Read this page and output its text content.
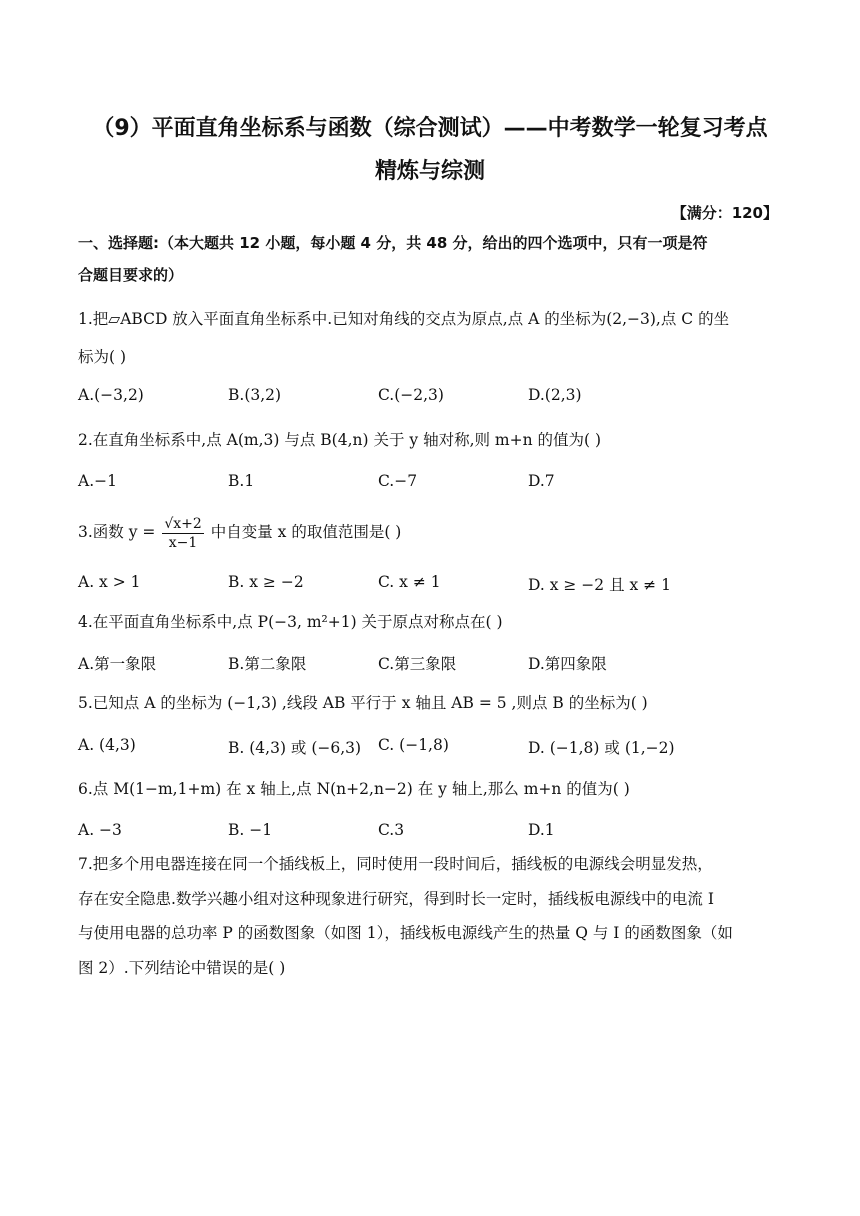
（9）平面直角坐标系与函数（综合测试）——中考数学一轮复习考点
精炼与综测
【满分：120】
一、选择题:（本大题共 12 小题，每小题 4 分，共 48 分，给出的四个选项中，只有一项是符
合题目要求的）
1.把▱ABCD 放入平面直角坐标系中.已知对角线的交点为原点,点 A 的坐标为(2,−3),点 C 的坐
标为( )
A.(−3,2)	B.(3,2)	C.(−2,3)	D.(2,3)
2.在直角坐标系中,点 A(m,3) 与点 B(4,n) 关于 y 轴对称,则 m+n 的值为( )
A.−1	B.1	C.−7	D.7
3.函数 $y = \frac{√x+2}{x-1}$ 中自变量 x 的取值范围是( )
A. x > 1	B. x ≥ −2	C. x ≠ 1	D. x ≥ −2 且 x ≠ 1
4.在平面直角坐标系中,点 P(−3, m²+1) 关于原点对称点在( )
A.第一象限	B.第二象限	C.第三象限	D.第四象限
5.已知点 A 的坐标为 (−1,3) ,线段 AB 平行于 x 轴且 AB = 5 ,则点 B 的坐标为( )
A. (4,3)	B. (4,3) 或 (−6,3) C. (−1,8)	D. (−1,8) 或 (1,−2)
6.点 M(1−m,1+m) 在 x 轴上,点 N(n+2,n−2) 在 y 轴上,那么 m+n 的值为( )
A. −3	B. −1	C.3	D.1
7.把多个用电器连接在同一个插线板上，同时使用一段时间后，插线板的电源线会明显发热，
存在安全隐患.数学兴趣小组对这种现象进行研究，得到时长一定时，插线板电源线中的电流 I
与使用电器的总功率 P 的函数图象（如图 1），插线板电源线产生的热量 Q 与 I 的函数图象（如
图 2）.下列结论中错误的是( )
